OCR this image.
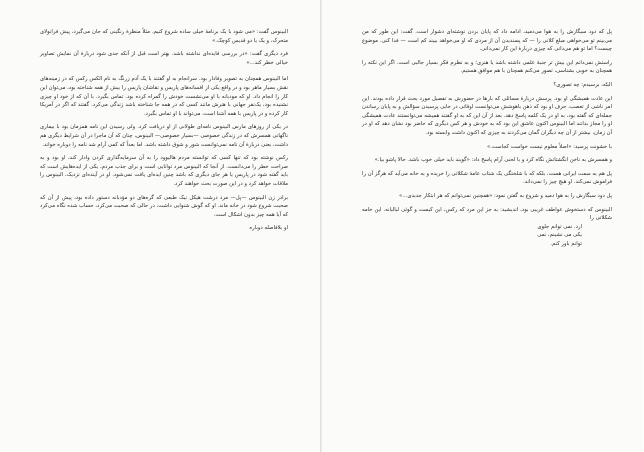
البینوس گفت: «می شود با یک برنامهٔ خیلی ساده شروع کنیم. مثلاً منظرهٔ رنگینی که جان می‌گیرد، پیش فرانولای متحرک، و یک یا دو قدیس کوچک.»

فرد دیگری گفت: «در بررسی فایده‌ای نداشته باشد. بهتر است قبل از آنکه جدی شود دربارهٔ آن نمایش تصاویر خیالی خطر کند...»

اما البینوس همچنان به تصویر وفادار بود. سرانجام به او گفتند با یک آدم زرنگ به نام الکس رکس که در زمینه‌های نقش بسیار ماهر بود و در واقع یکی از افسانه‌های پاریس و نقاشان پاریس را بیش از همه شناخته بود، می‌توان این کار را انجام داد. او که مودبانه با او می‌نشست خودش را گمراه کرده بود. تماس بگیرد. با آن که از خود او چیزی نشنیده بود، یک‌نفر جهانی با هنرش مانند کسی که در همه جا شناخته باشد زندگی می‌کرد. گفتند که اگر در آمریکا کار کرده و در پاریس با همه آشنا است، می‌تواند با او تماس بگیرد.

در یکی از روزهای مارس البینوس نامه‌ای طولانی از او دریافت کرد. ولی رسیدن این نامه همزمان بود با بیماری ناگهانی همسرش که در زندگی خصوصی —بسیار خصوصی— البینوس، چنان که آن ماجرا در آن شرایط دیگری هم داشت، یعنی دربارهٔ آن نامه نمی‌توانست شور و شوق داشته باشد. اما بعداً که کمی آرام شد نامه را دوباره خواند.

رکس نوشته بود که تنها کسی که توانسته مردم هالیوود را به آن سرمایه‌گذاری کردن وادار کند، او بود و به صراحت خطر را می‌دانست. از آنجا که البینوس مرد توانایی است و برای جذب مردم، یکی از ایده‌هایش است که باید گفته شود در پاریس یا هر جای دیگری که باشد چنین ایده‌ای یافت نمی‌شود. او در آینده‌ای نزدیک، البینوس را ملاقات خواهد کرد و در این صورت بحث خواهند کرد.

برادر زن البینوس —پل— مرد درشت هیکل نیک طبعی که گره‌های دو مؤدبانه دستور داده بود، پیش از آن که صحبت شروع شود در خانه ماند. او که گوش شنوایی داشت، در حالی که صحبت می‌کرد، حساب شده نگاه می‌کرد که آیا همه چیز بدون اشکال است.

او بلافاصله دوباره

پل که دود سیگارش را به هوا می‌دمید، ادامه داد که پایان بردن نوشته‌ای دشوار است. گفت: این طور که من می‌بینم تو می‌خواهی مبلغ کلانی را — که پسندیدن آن از مردی که او می‌خواهد ببیند کم است — فدا کنی. موضوع چیست؟ اما تو هم می‌دانی که چیزی دربارهٔ این کار نمی‌دانی.

راستش نمی‌دانم این بیش تر جنبهٔ علمی داشته باشد یا هنری؛ و به نظرم فکر بسیار جالبی است. اگر این نکته را همچنان به خوبی بشناسی، تصور می‌کنم همچنان با هم موافق هستیم.

البتّه، برسیدم: چه تصوری؟

این عادت همیشگی او بود. پرسش دربارهٔ مسائلی که بارها در حضورش به تفصیل مورد بحث قرار داده بودند. این امر ناشی از تعصب، حرف او بود که ذهن باهوشش می‌توانست اوقاتی در جایی پرسیدن سؤالش و به پایان رساندن جمله‌ای که گفته بود، به او در یک کلمه پاسخ دهد. بعد از آن این که به او گفتند همیشه می‌توانستند عادت همیشگی او را مجاز بدانند اما البینوس اکنون عاشق این بود که به خودش و هر کس دیگری که حاضر بود نشان دهد که او در آن زمان، بیشتر از آن چه دیگران گمان می‌کردند به چیزی که اکنون داشت وابسته بود.

با خشونت پرسید: «اصلاً معلوم نیست خواست کجاست.»

و همسرش به ناخن انگشتانش نگاه کرد و با لحنی آرام پاسخ داد: «گویند باید خیلی خوب باشد. حالا پاشو بیا.»

پل هم به سمت ایرانی هست، بلکه که با شلختگی یک شتاب عامهٔ شکلاتی را خریده و به خانه می‌آید که هرگز آن را فراموش نمی‌کند. او هیچ چیز را نمی‌داند.

پل دود سیگارش را به هوا دمید و شروع به گفتن نمود: «همچنین نمی‌توانم که هر ابتکار جدیدی...»

البینوس که دستخوش عواطف غریبی بود، اندیشید: به جز این مرد که رکس، این کیست و گوئی لبالبانه. این خامه شکلاتی را

ارد. نمی توانم جلوی

یکی می نشینم، نمی

توانم باور کنم.
